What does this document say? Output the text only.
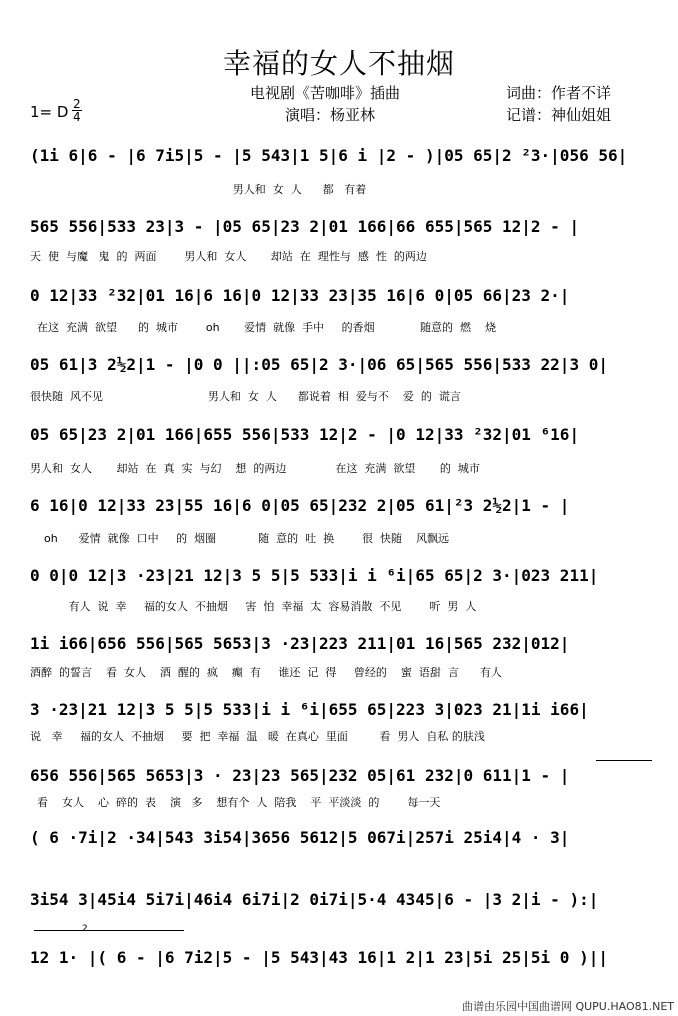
幸福的女人不抽烟
电视剧《苦咖啡》插曲
演唱：杨亚林
词曲：作者不详
记谱：神仙姐姐
1= D 2
4
(1i 6|6 - |6 7i5|5 - |5 543|1 5|6 i |2 - )|05 65|2 ²3·|056 56|
男人和  女  人      都   有着
565 556|533 23|3 - |05 65|23 2|01 166|66 655|565 12|2 - |
天  使  与魔   鬼  的  两面        男人和  女人       却站  在  理性与  感  性  的两边
0 12|33 ²32|01 16|6 16|0 12|33 23|35 16|6 0|05 66|23 2·|
在这  充满  欲望      的  城市        oh       爱情  就像  手中     的香烟             随意的  燃    烧
05 61|3 2½2|1 - |0 0 ||:05 65|2 3·|06 65|565 556|533 22|3 0|
很快随  风不见                              男人和  女  人      都说着  相  爱与不    爱  的  谎言
05 65|23 2|01 166|655 556|533 12|2 - |0 12|33 ²32|01 ⁶16|
男人和  女人       却站  在  真  实  与幻    想  的两边              在这  充满  欲望       的  城市
6 16|0 12|33 23|55 16|6 0|05 65|232 2|05 61|²3 2½2|1 - |
oh      爱情  就像  口中     的  烟圈            随  意的  吐  换        很  快随    风飘远
0 0|0 12|3 ·23|21 12|3 5 5|5 533|i i ⁶i|65 65|2 3·|023 211|
有人  说  幸     福的女人  不抽烟     害  怕  幸福  太  容易消散  不见        听  男  人
1i i66|656 556|565 5653|3 ·23|223 211|01 16|565 232|012|
酒醉  的誓言    看  女人    酒  醒的  疯    癫  有     谁还  记  得     曾经的    蜜  语甜  言      有人
3 ·23|21 12|3 5 5|5 533|i i ⁶i|655 65|223 3|023 21|1i i66|
说   幸     福的女人  不抽烟     要  把  幸福  温   暖  在真心  里面         看  男人  自私 的肤浅
656 556|565 5653|3 · 23|23 565|232 05|61 232|0 611|1 - |
看    女人    心  碎的  表    演   多    想有个  人  陪我    平  平淡淡  的        每一天
( 6 ·7i|2 ·34|543 3i54|3656 5612|5 067i|257i 25i4|4 · 3|
3i54 3|45i4 5i7i|46i4 6i7i|2 0i7i|5·4 4345|6 - |3 2|i - ):|
2
12 1· |( 6 - |6 7i2|5 - |5 543|43 16|1 2|1 23|5i 25|5i 0 )||
曲谱由乐园中国曲谱网 QUPU.HAO81.NET
